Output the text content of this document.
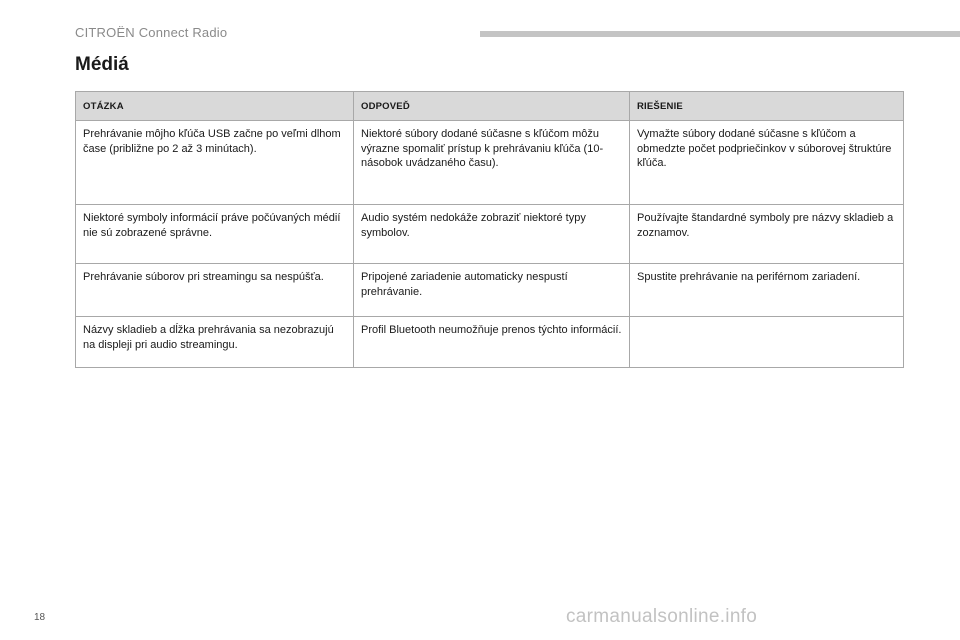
CITROËN Connect Radio
Médiá
OTÁZKA	ODPOVEĎ	RIEŠENIE
Prehrávanie môjho kľúča USB začne po veľmi dlhom čase (približne po 2 až 3 minútach).	Niektoré súbory dodané súčasne s kľúčom môžu výrazne spomaliť prístup k prehrávaniu kľúča (10-násobok uvádzaného času).	Vymažte súbory dodané súčasne s kľúčom a obmedzte počet podpriečinkov v súborovej štruktúre kľúča.
Niektoré symboly informácií práve počúvaných médií nie sú zobrazené správne.	Audio systém nedokáže zobraziť niektoré typy symbolov.	Používajte štandardné symboly pre názvy skladieb a zoznamov.
Prehrávanie súborov pri streamingu sa nespúšťa.	Pripojené zariadenie automaticky nespustí prehrávanie.	Spustite prehrávanie na periférnom zariadení.
Názvy skladieb a dĺžka prehrávania sa nezobrazujú na displeji pri audio streamingu.	Profil Bluetooth neumožňuje prenos týchto informácií.	
18	carmanualsonline.info
